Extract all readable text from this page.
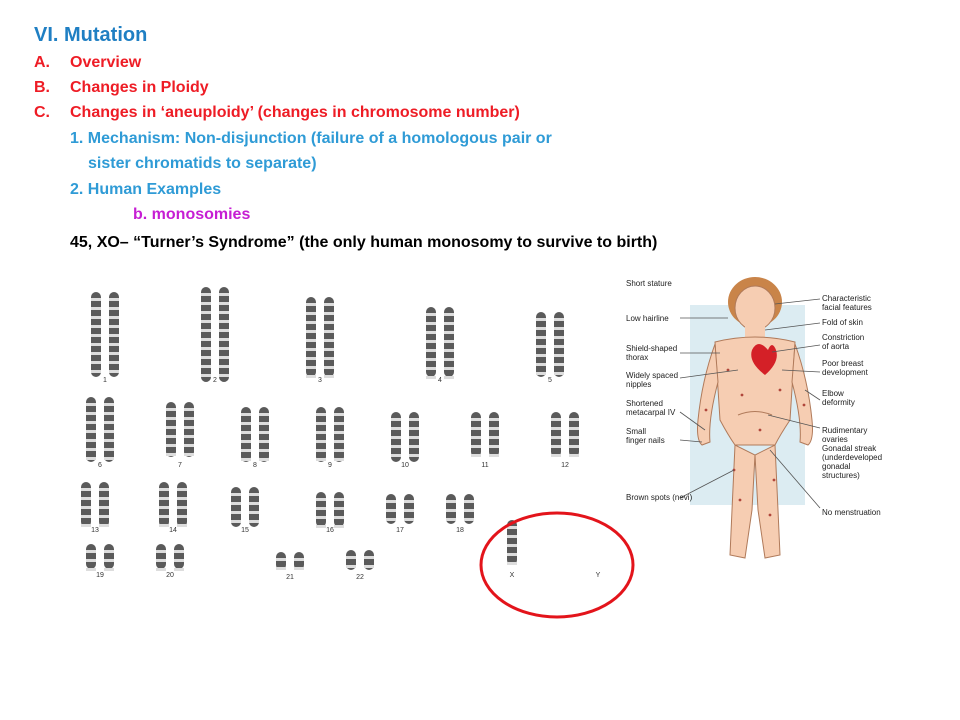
VI. Mutation
A. Overview
B. Changes in Ploidy
C. Changes in ‘aneuploidy’ (changes in chromosome number)
1. Mechanism: Non-disjunction (failure of a homologous pair or
sister chromatids to separate)
2. Human Examples
b. monosomies
45, XO– “Turner’s Syndrome” (the only human monosomy to survive to birth)
1	2	3	4	5
6	7	8	9	10	11	12
13	14	15	16	17	18
19	20	21	22	X	Y
Short stature
Low hairline
Shield-shaped
thorax
Widely spaced
nipples
Shortened
metacarpal IV
Small
finger nails
Brown spots (nevi)
Characteristic
facial features
Fold of skin
Constriction
of aorta
Poor breast
development
Elbow
deformity
Rudimentary
ovaries
Gonadal streak
(underdeveloped
gonadal
structures)
No menstruation
